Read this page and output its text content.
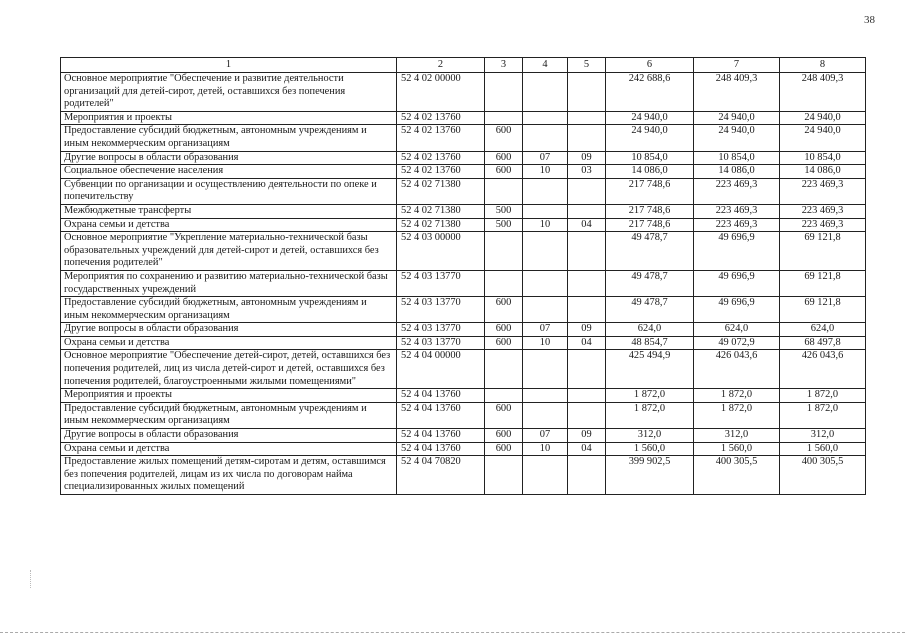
38
1	2	3	4	5	6	7	8
Основное мероприятие "Обеспечение и развитие деятельности организаций для детей-сирот, детей, оставшихся без попечения родителей"	52 4 02 00000				242 688,6	248 409,3	248 409,3
Мероприятия и проекты	52 4 02 13760				24 940,0	24 940,0	24 940,0
Предоставление субсидий бюджетным, автономным учреждениям и иным некоммерческим организациям	52 4 02 13760	600			24 940,0	24 940,0	24 940,0
Другие вопросы в области образования	52 4 02 13760	600	07	09	10 854,0	10 854,0	10 854,0
Социальное обеспечение населения	52 4 02 13760	600	10	03	14 086,0	14 086,0	14 086,0
Субвенции по организации и осуществлению деятельности по опеке и попечительству	52 4 02 71380				217 748,6	223 469,3	223 469,3
Межбюджетные трансферты	52 4 02 71380	500			217 748,6	223 469,3	223 469,3
Охрана семьи и детства	52 4 02 71380	500	10	04	217 748,6	223 469,3	223 469,3
Основное мероприятие "Укрепление материально-технической базы образовательных учреждений для детей-сирот и детей, оставшихся без попечения родителей"	52 4 03 00000				49 478,7	49 696,9	69 121,8
Мероприятия по сохранению и развитию материально-технической базы государственных учреждений	52 4 03 13770				49 478,7	49 696,9	69 121,8
Предоставление субсидий бюджетным, автономным учреждениям и иным некоммерческим организациям	52 4 03 13770	600			49 478,7	49 696,9	69 121,8
Другие вопросы в области образования	52 4 03 13770	600	07	09	624,0	624,0	624,0
Охрана семьи и детства	52 4 03 13770	600	10	04	48 854,7	49 072,9	68 497,8
Основное мероприятие "Обеспечение детей-сирот, детей, оставшихся без попечения родителей, лиц из числа детей-сирот и детей, оставшихся без попечения родителей, благоустроенными жилыми помещениями"	52 4 04 00000				425 494,9	426 043,6	426 043,6
Мероприятия и проекты	52 4 04 13760				1 872,0	1 872,0	1 872,0
Предоставление субсидий бюджетным, автономным учреждениям и иным некоммерческим организациям	52 4 04 13760	600			1 872,0	1 872,0	1 872,0
Другие вопросы в области образования	52 4 04 13760	600	07	09	312,0	312,0	312,0
Охрана семьи и детства	52 4 04 13760	600	10	04	1 560,0	1 560,0	1 560,0
Предоставление жилых помещений детям-сиротам и детям, оставшимся без попечения родителей, лицам из их числа по договорам найма специализированных жилых помещений	52 4 04 70820				399 902,5	400 305,5	400 305,5
